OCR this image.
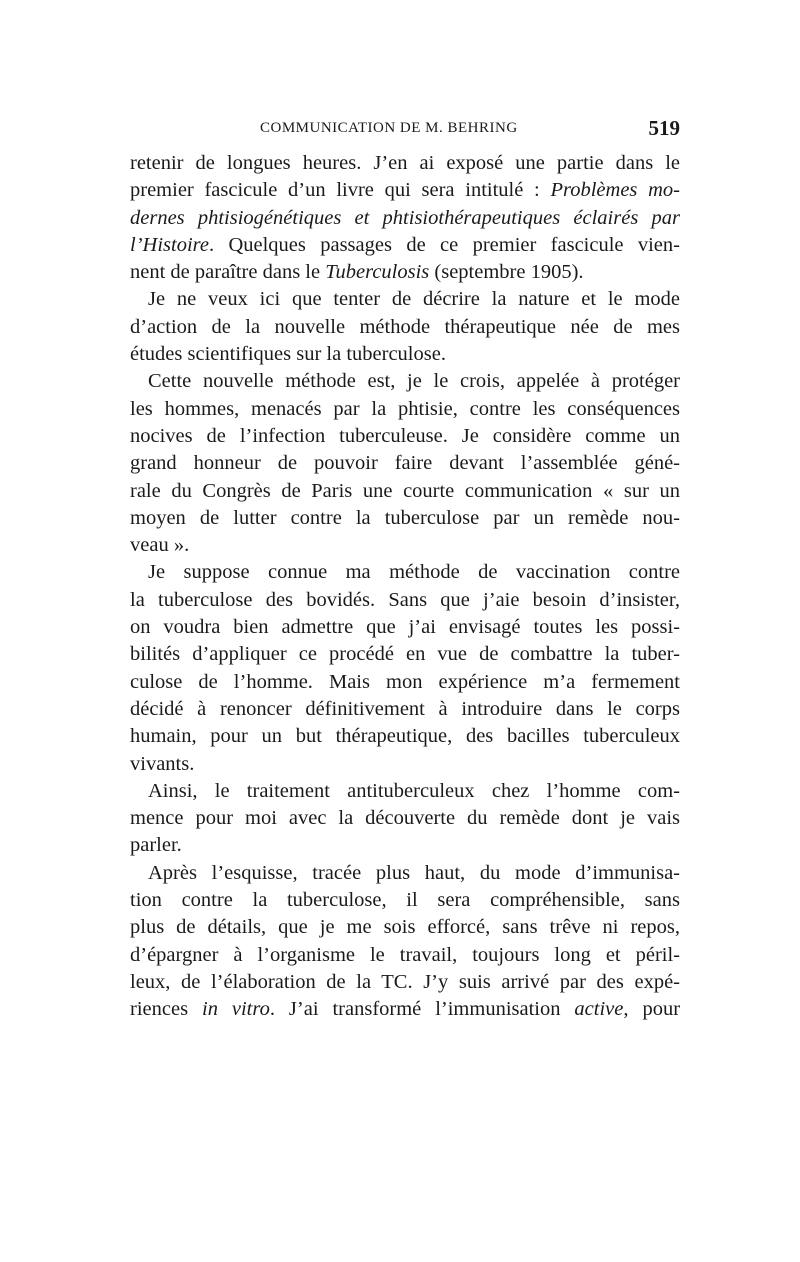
COMMUNICATION DE M. BEHRING	519
retenir de longues heures. J’en ai exposé une partie dans le
premier fascicule d’un livre qui sera intitulé : Problèmes mo-
dernes phtisiogénétiques et phtisiothérapeutiques éclairés par
l’Histoire. Quelques passages de ce premier fascicule vien-
nent de paraître dans le Tuberculosis (septembre 1905).
Je ne veux ici que tenter de décrire la nature et le mode
d’action de la nouvelle méthode thérapeutique née de mes
études scientifiques sur la tuberculose.
Cette nouvelle méthode est, je le crois, appelée à protéger
les hommes, menacés par la phtisie, contre les conséquences
nocives de l’infection tuberculeuse. Je considère comme un
grand honneur de pouvoir faire devant l’assemblée géné-
rale du Congrès de Paris une courte communication « sur un
moyen de lutter contre la tuberculose par un remède nou-
veau ».
Je suppose connue ma méthode de vaccination contre
la tuberculose des bovidés. Sans que j’aie besoin d’insister,
on voudra bien admettre que j’ai envisagé toutes les possi-
bilités d’appliquer ce procédé en vue de combattre la tuber-
culose de l’homme. Mais mon expérience m’a fermement
décidé à renoncer définitivement à introduire dans le corps
humain, pour un but thérapeutique, des bacilles tuberculeux
vivants.
Ainsi, le traitement antituberculeux chez l’homme com-
mence pour moi avec la découverte du remède dont je vais
parler.
Après l’esquisse, tracée plus haut, du mode d’immunisa-
tion contre la tuberculose, il sera compréhensible, sans
plus de détails, que je me sois efforcé, sans trêve ni repos,
d’épargner à l’organisme le travail, toujours long et péril-
leux, de l’élaboration de la TC. J’y suis arrivé par des expé-
riences in vitro. J’ai transformé l’immunisation active, pour
